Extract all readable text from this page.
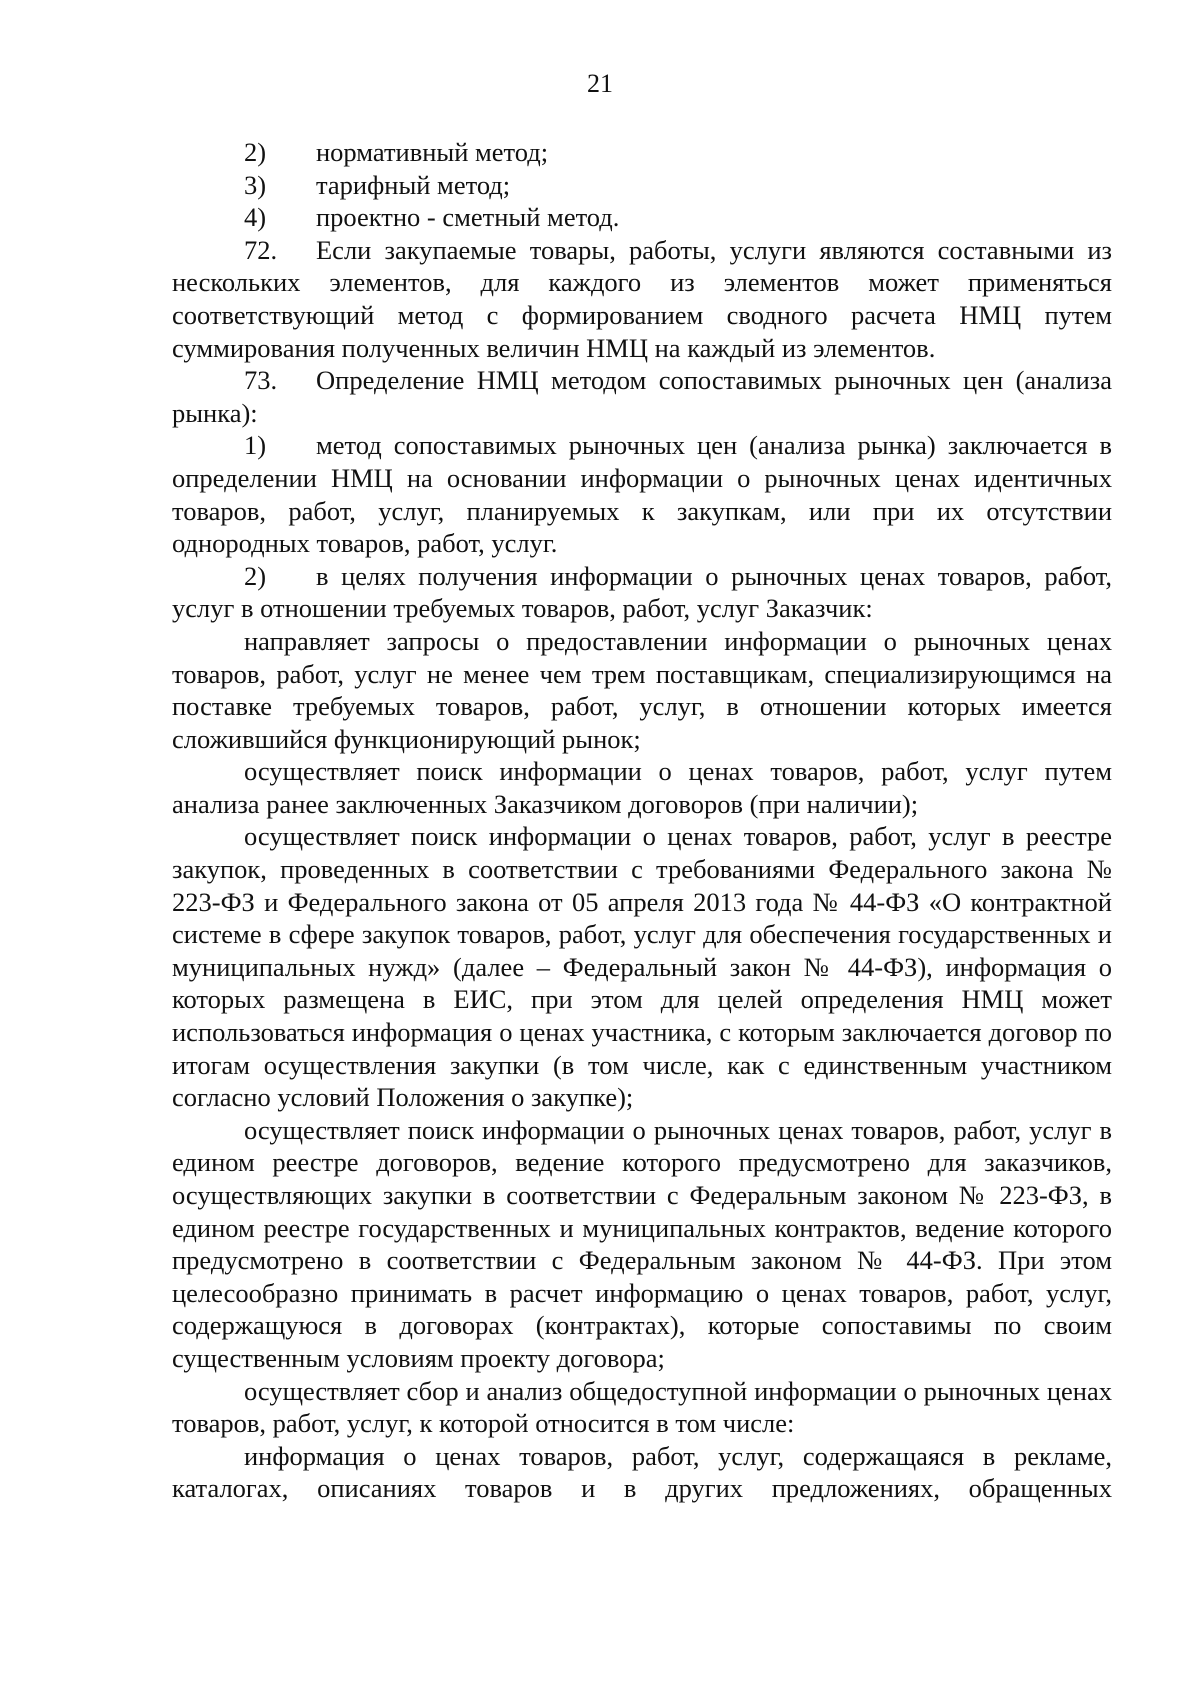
21

2) нормативный метод;

3) тарифный метод;

4) проектно - сметный метод.

72. Если закупаемые товары, работы, услуги являются составными из нескольких элементов, для каждого из элементов может применяться соответствующий метод с формированием сводного расчета НМЦ путем суммирования полученных величин НМЦ на каждый из элементов.

73. Определение НМЦ методом сопоставимых рыночных цен (анализа рынка):

1) метод сопоставимых рыночных цен (анализа рынка) заключается в определении НМЦ на основании информации о рыночных ценах идентичных товаров, работ, услуг, планируемых к закупкам, или при их отсутствии однородных товаров, работ, услуг.

2) в целях получения информации о рыночных ценах товаров, работ, услуг в отношении требуемых товаров, работ, услуг Заказчик:

направляет запросы о предоставлении информации о рыночных ценах товаров, работ, услуг не менее чем трем поставщикам, специализирующимся на поставке требуемых товаров, работ, услуг, в отношении которых имеется сложившийся функционирующий рынок;

осуществляет поиск информации о ценах товаров, работ, услуг путем анализа ранее заключенных Заказчиком договоров (при наличии);

осуществляет поиск информации о ценах товаров, работ, услуг в реестре закупок, проведенных в соответствии с требованиями Федерального закона № 223-ФЗ и Федерального закона от 05 апреля 2013 года № 44-ФЗ «О контрактной системе в сфере закупок товаров, работ, услуг для обеспечения государственных и муниципальных нужд» (далее – Федеральный закон № 44-ФЗ), информация о которых размещена в ЕИС, при этом для целей определения НМЦ может использоваться информация о ценах участника, с которым заключается договор по итогам осуществления закупки (в том числе, как с единственным участником согласно условий Положения о закупке);

осуществляет поиск информации о рыночных ценах товаров, работ, услуг в едином реестре договоров, ведение которого предусмотрено для заказчиков, осуществляющих закупки в соответствии с Федеральным законом № 223-ФЗ, в едином реестре государственных и муниципальных контрактов, ведение которого предусмотрено в соответствии с Федеральным законом № 44-ФЗ. При этом целесообразно принимать в расчет информацию о ценах товаров, работ, услуг, содержащуюся в договорах (контрактах), которые сопоставимы по своим существенным условиям проекту договора;

осуществляет сбор и анализ общедоступной информации о рыночных ценах товаров, работ, услуг, к которой относится в том числе:

информация о ценах товаров, работ, услуг, содержащаяся в рекламе, каталогах, описаниях товаров и в других предложениях, обращенных
